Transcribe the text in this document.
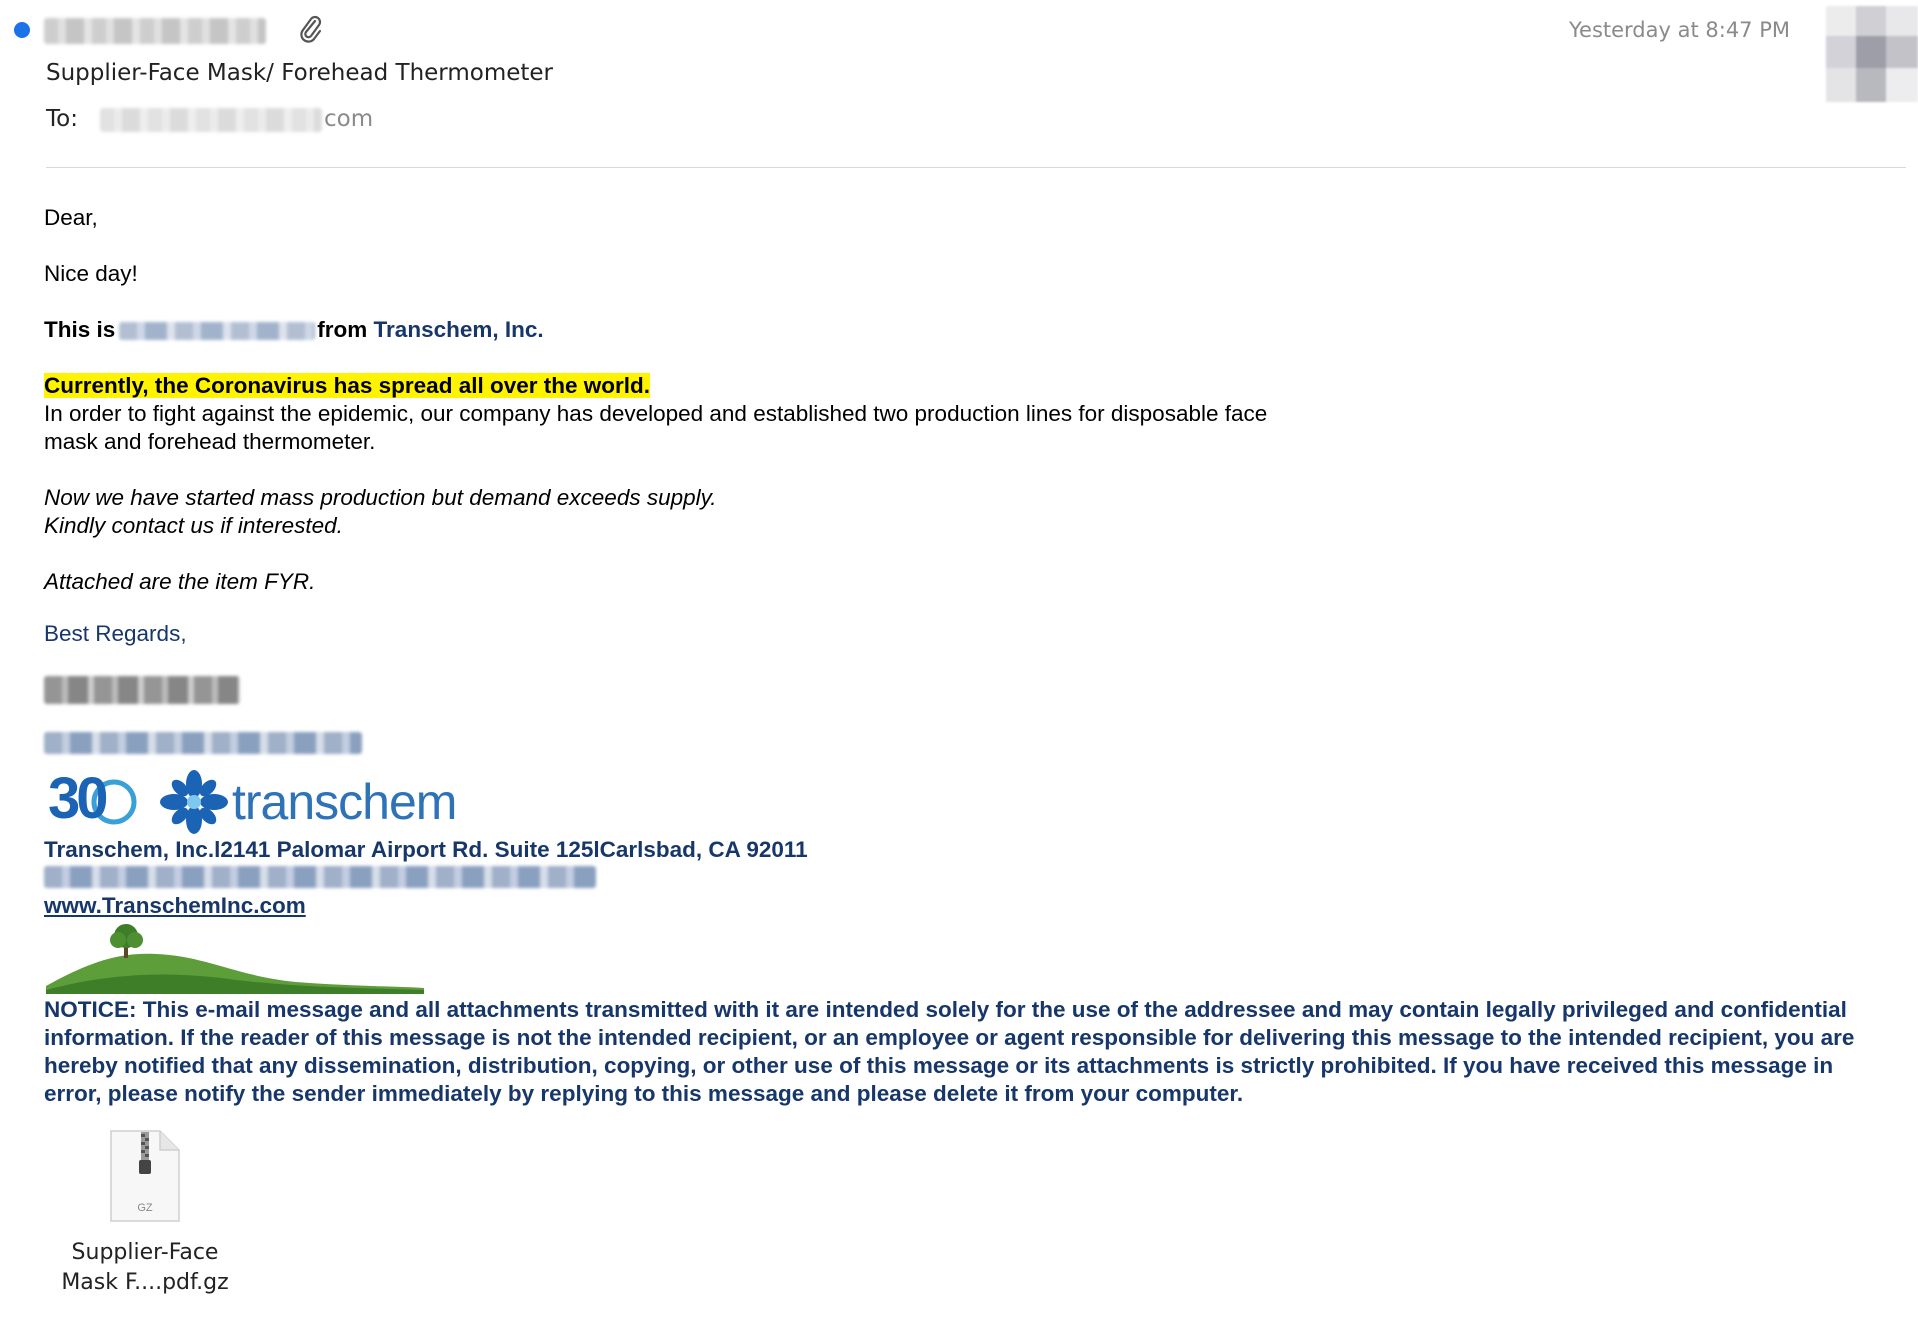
Yesterday at 8:47 PM
Supplier-Face Mask/ Forehead Thermometer
To:	com
Dear,
Nice day!
This is	from Transchem, Inc.
Currently, the Coronavirus has spread all over the world.
In order to fight against the epidemic, our company has developed and established two production lines for disposable face
mask and forehead thermometer.
Now we have started mass production but demand exceeds supply.
Kindly contact us if interested.
Attached are the item FYR.
Best Regards,
30	transchem
Transchem, Inc.l2141 Palomar Airport Rd. Suite 125lCarlsbad, CA 92011
www.TranschemInc.com
NOTICE: This e-mail message and all attachments transmitted with it are intended solely for the use of the addressee and may contain legally privileged and confidential information. If the reader of this message is not the intended recipient, or an employee or agent responsible for delivering this message to the intended recipient, you are hereby notified that any dissemination, distribution, copying, or other use of this message or its attachments is strictly prohibited. If you have received this message in error, please notify the sender immediately by replying to this message and please delete it from your computer.
GZ
Supplier-Face
Mask F....pdf.gz
